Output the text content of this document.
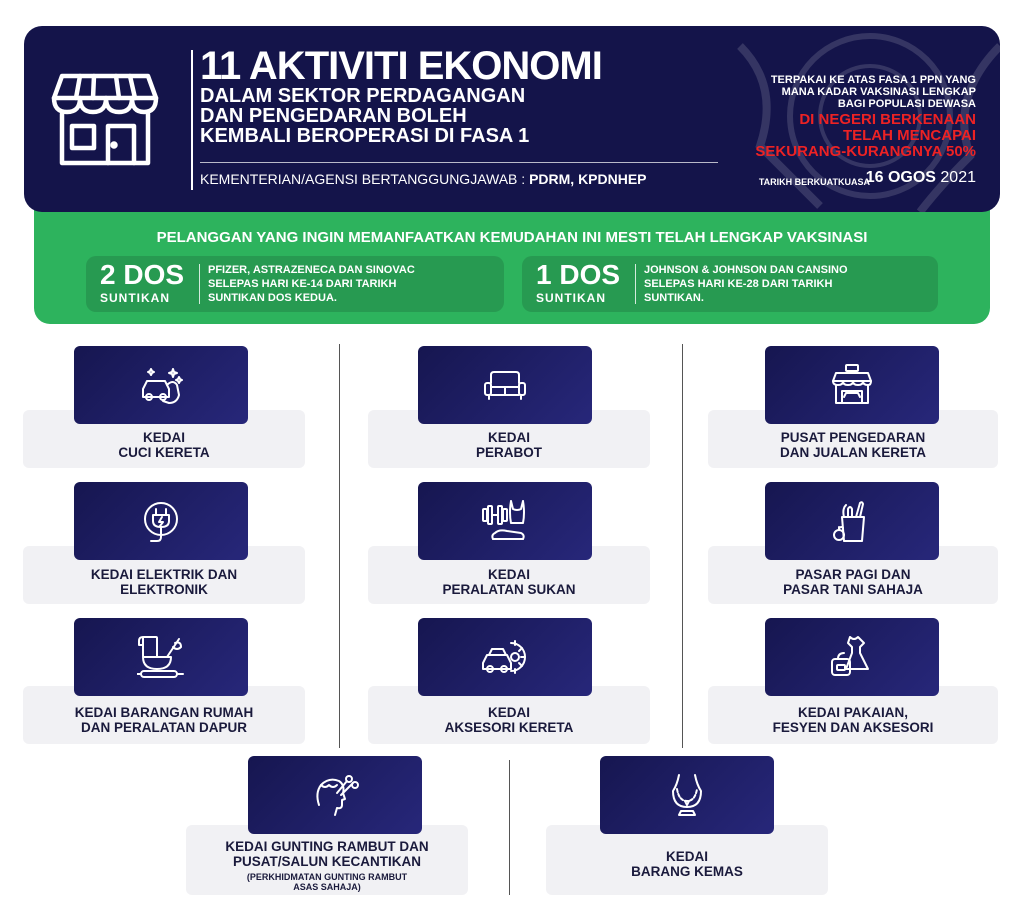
11 AKTIVITI EKONOMI
DALAM SEKTOR PERDAGANGAN
DAN PENGEDARAN BOLEH
KEMBALI BEROPERASI DI FASA 1
KEMENTERIAN/AGENSI BERTANGGUNGJAWAB : PDRM, KPDNHEP
TERPAKAI KE ATAS FASA 1 PPN YANG
MANA KADAR VAKSINASI LENGKAP
BAGI POPULASI DEWASA
DI NEGERI BERKENAAN
TELAH MENCAPAI
SEKURANG-KURANGNYA 50%
TARIKH BERKUATKUASA
16 OGOS 2021
PELANGGAN YANG INGIN MEMANFAATKAN KEMUDAHAN INI MESTI TELAH LENGKAP VAKSINASI
2 DOS
SUNTIKAN
PFIZER, ASTRAZENECA DAN SINOVAC
SELEPAS HARI KE-14 DARI TARIKH
SUNTIKAN DOS KEDUA.
1 DOS
SUNTIKAN
JOHNSON & JOHNSON DAN CANSINO
SELEPAS HARI KE-28 DARI TARIKH
SUNTIKAN.
KEDAI
CUCI KERETA
KEDAI
PERABOT
PUSAT PENGEDARAN
DAN JUALAN KERETA
KEDAI ELEKTRIK DAN
ELEKTRONIK
KEDAI
PERALATAN SUKAN
PASAR PAGI DAN
PASAR TANI SAHAJA
KEDAI BARANGAN RUMAH
DAN PERALATAN DAPUR
KEDAI
AKSESORI KERETA
KEDAI PAKAIAN,
FESYEN DAN AKSESORI
KEDAI GUNTING RAMBUT DAN
PUSAT/SALUN KECANTIKAN
(PERKHIDMATAN GUNTING RAMBUT
ASAS SAHAJA)
KEDAI
BARANG KEMAS
